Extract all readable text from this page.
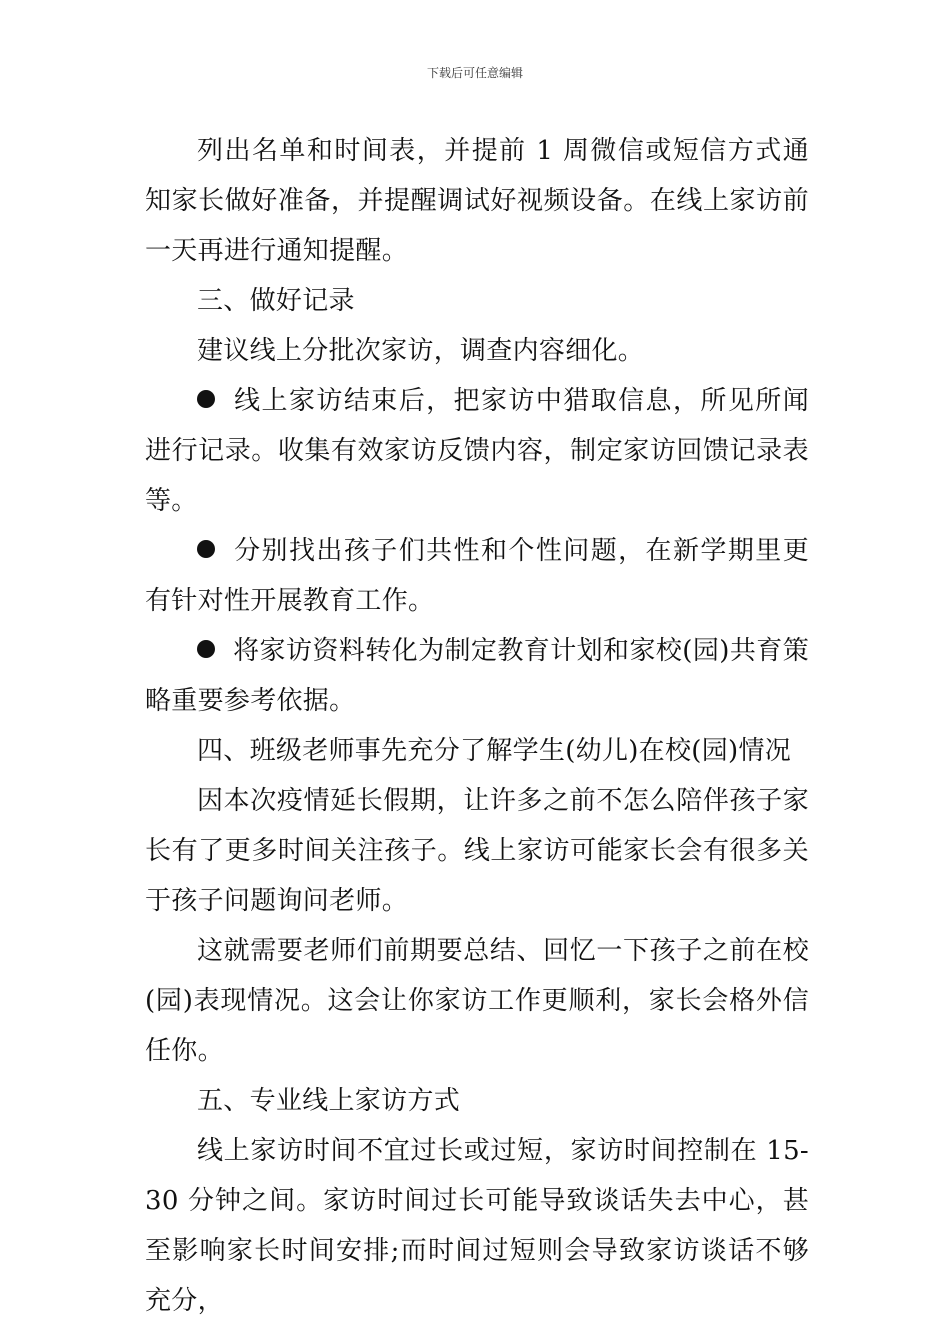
下载后可任意编辑

列出名单和时间表，并提前 1 周微信或短信方式通知家长做好准备，并提醒调试好视频设备。在线上家访前一天再进行通知提醒。

三、做好记录

建议线上分批次家访，调查内容细化。

线上家访结束后，把家访中猎取信息，所见所闻进行记录。收集有效家访反馈内容，制定家访回馈记录表等。

分别找出孩子们共性和个性问题，在新学期里更有针对性开展教育工作。

将家访资料转化为制定教育计划和家校(园)共育策略重要参考依据。

四、班级老师事先充分了解学生(幼儿)在校(园)情况

因本次疫情延长假期，让许多之前不怎么陪伴孩子家长有了更多时间关注孩子。线上家访可能家长会有很多关于孩子问题询问老师。

这就需要老师们前期要总结、回忆一下孩子之前在校(园)表现情况。这会让你家访工作更顺利，家长会格外信任你。

五、专业线上家访方式

线上家访时间不宜过长或过短，家访时间控制在 15-30 分钟之间。家访时间过长可能导致谈话失去中心，甚至影响家长时间安排;而时间过短则会导致家访谈话不够充分，
